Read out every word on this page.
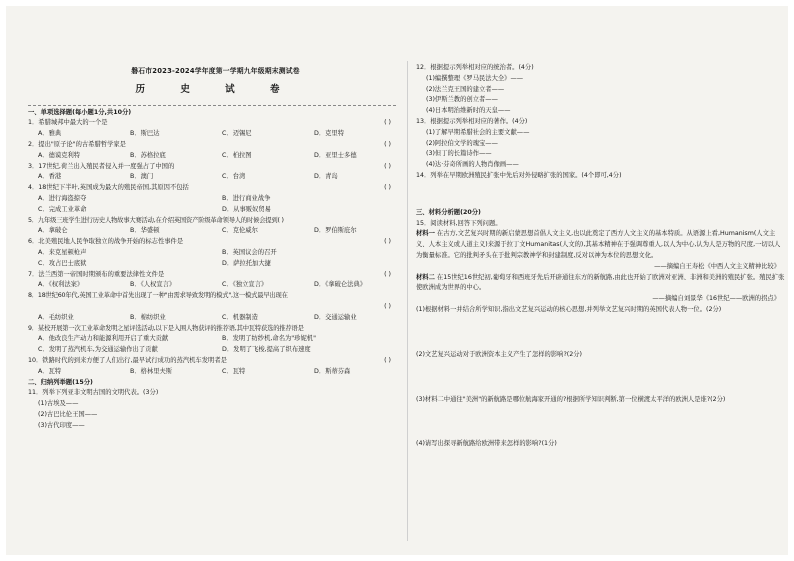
磐石市2023-2024学年度第一学期九年级期末测试卷
历 史 试 卷
一、单项选择题(每小题1分,共10分)
1．希腊城邦中最大的一个是	( )
A．雅典	B．斯巴达	C．迈锡尼	D．克里特
2．提出"原子论"的古希腊哲学家是	( )
A．德谟克利特	B．苏格拉底	C．柏拉图	D．亚里士多德
3．17世纪,荷兰出入殖民者侵入并一度强占了中国的	( )
A．香港	B．澳门	C．台湾	D．青岛
4．18世纪下半叶,英国成为最大的殖民帝国,其原因不包括	( )
A．进行海盗掠夺	B．进行商业战争
C．完成工业革命	D．从事贩奴贸易
5．九年级三班学生进行历史人物故事大赛活动,在介绍英国资产阶级革命领导人的时候会提到( )
A．拿破仑	B．华盛顿	C．克伦威尔	D．罗伯斯庇尔
6．北美殖民地人民争取独立的战争开始的标志性事件是	( )
A．来克星顿枪声	B．英国议会的召开
C．攻占巴士底狱	D．萨拉托加大捷
7．法兰西第一帝国时期颁布的重要法律性文件是	( )
A．《权利法案》	B．《人权宣言》	C．《独立宣言》	D．《拿破仑法典》
8．18世纪60年代,英国工业革命中首先出现了一种"由需求导致发明的模式",这一模式最早出现在
( )
A．毛纺织业	B．棉纺织业	C．机器制造	D．交通运输业
9．某校开展第一次工业革命发明之星评选活动,以下是入围人物获评的推荐语,其中瓦特获选的推荐语是
A．他改良生产动力和能源利用开启了重大贡献	B．发明了纺纱机,命名为"珍妮机"
C．发明了蒸汽机车,为交通运输作出了贡献	D．发明了飞梭,提高了织布速度
10．铁路时代的到来方便了人们出行,最早试行成功的蒸汽机车发明者是	( )
A．瓦特	B．格林里夫斯	C．瓦特	D．斯蒂芬森
二、归纳列举题(15分)
11．列举下列亚非文明古国的文明代表。(3分)
(1)古埃及——
(2)古巴比伦王国——
(3)古代印度——
12．根据提示列举相对应的统治者。(4分)
(1)编撰整理《罗马民法大全》——
(2)法兰克王国的建立者——
(3)伊斯兰教的创立者——
(4)日本明治维新时的天皇——
13．根据提示列举相对应的著作。(4分)
(1)了解早期希腊社会的主要文献——
(2)阿拉伯文学的瑰宝——
(3)但丁的长篇诗作——
(4)达·芬奇所画的人物肖像画——
14．列举在早期欧洲殖民扩张中先后对外侵略扩张的国家。(4个即可,4分)
三、材料分析题(20分)
15．阅读材料,回答下列问题。
材料一 在古方,文艺复兴时期的新启蒙思想首倡人文主义,也以此奠定了西方人文主义的基本特质。从语源上看,Humanism(人文主义、人本主义或人道主义)来源于拉丁文Humanitas(人文的),其基本精神在于强调尊重人,以人为中心,认为人是万物的尺度,一切以人为衡量标准。它的批判矛头在于批判宗教神学和封建制度,反对以神为本位的思想文化。
——摘编自王寿松《中西人文主义精神比较》
材料二 在15世纪16世纪初,葡萄牙和西班牙先后开辟通往东方的新航路,由此也开始了欧洲对亚洲、非洲和美洲的殖民扩张。殖民扩张使欧洲成为世界的中心。
——摘编自刘景华《16世纪——欧洲的拐点》
(1)根据材料一并结合所学知识,指出文艺复兴运动的核心思想,并列举文艺复兴时期的英国代表人物一位。(2分)
(2)文艺复兴运动对于欧洲资本主义产生了怎样的影响?(2分)
(3)材料二中通往"美洲"的新航路是哪位航海家开通的?根据所学知识判断,第一位横渡太平洋的欧洲人是谁?(2分)
(4)请写出探寻新航路给欧洲带来怎样的影响?(1分)
